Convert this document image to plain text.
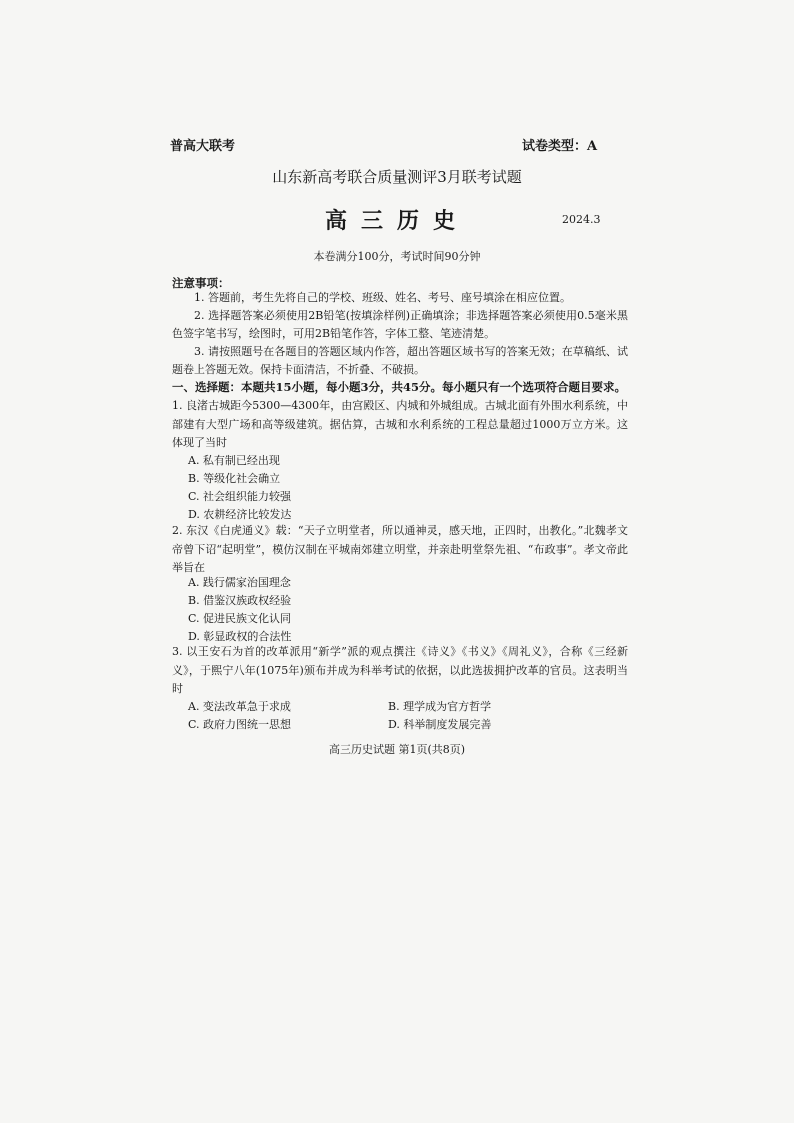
普高大联考	试卷类型：A
山东新高考联合质量测评3月联考试题
高三历史	2024.3
本卷满分100分，考试时间90分钟
注意事项：
1. 答题前，考生先将自己的学校、班级、姓名、考号、座号填涂在相应位置。
2. 选择题答案必须使用2B铅笔(按填涂样例)正确填涂；非选择题答案必须使用0.5毫米黑色签字笔书写，绘图时，可用2B铅笔作答，字体工整、笔迹清楚。
3. 请按照题号在各题目的答题区域内作答，超出答题区域书写的答案无效；在草稿纸、试题卷上答题无效。保持卡面清洁，不折叠、不破损。
一、选择题：本题共15小题，每小题3分，共45分。每小题只有一个选项符合题目要求。
1. 良渚古城距今5300—4300年，由宫殿区、内城和外城组成。古城北面有外围水利系统，中部建有大型广场和高等级建筑。据估算，古城和水利系统的工程总量超过1000万立方米。这体现了当时
A. 私有制已经出现
B. 等级化社会确立
C. 社会组织能力较强
D. 农耕经济比较发达
2. 东汉《白虎通义》载：“天子立明堂者，所以通神灵，感天地，正四时，出教化。”北魏孝文帝曾下诏“起明堂”，模仿汉制在平城南郊建立明堂，并亲赴明堂祭先祖、“布政事”。孝文帝此举旨在
A. 践行儒家治国理念
B. 借鉴汉族政权经验
C. 促进民族文化认同
D. 彰显政权的合法性
3. 以王安石为首的改革派用“新学”派的观点撰注《诗义》《书义》《周礼义》，合称《三经新义》，于熙宁八年(1075年)颁布并成为科举考试的依据，以此选拔拥护改革的官员。这表明当时
A. 变法改革急于求成	B. 理学成为官方哲学
C. 政府力图统一思想	D. 科举制度发展完善
高三历史试题 第1页(共8页)
